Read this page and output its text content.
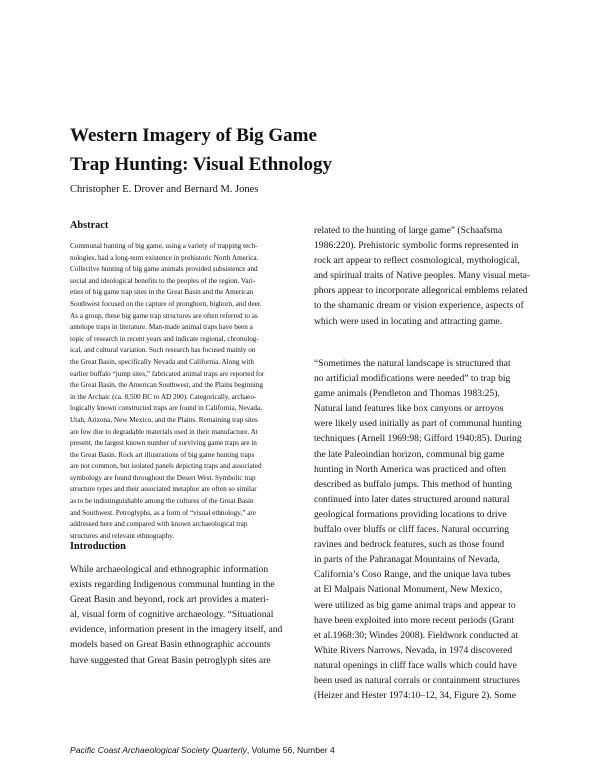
Western Imagery of Big Game
Trap Hunting: Visual Ethnology
Christopher E. Drover and Bernard M. Jones
Abstract
Communal hunting of big game, using a variety of trapping tech-
nologies, had a long-term existence in prehistoric North America.
Collective hunting of big game animals provided subsistence and
social and ideological benefits to the peoples of the region. Vari-
eties of big game trap sites in the Great Basin and the American
Southwest focused on the capture of pronghorn, bighorn, and deer.
As a group, these big game trap structures are often referred to as
antelope traps in literature. Man-made animal traps have been a
topic of research in recent years and indicate regional, chronolog-
ical, and cultural variation. Such research has focused mainly on
the Great Basin, specifically Nevada and California. Along with
earlier buffalo “jump sites,” fabricated animal traps are reported for
the Great Basin, the American Southwest, and the Plains beginning
in the Archaic (ca. 8,500 BC to AD 200). Categorically, archaeo-
logically known constructed traps are found in California, Nevada,
Utah, Arizona, New Mexico, and the Plains. Remaining trap sites
are few due to degradable materials used in their manufacture. At
present, the largest known number of surviving game traps are in
the Great Basin. Rock art illustrations of big game hunting traps
are not common, but isolated panels depicting traps and associated
symbology are found throughout the Desert West. Symbolic trap
structure types and their associated metaphor are often so similar
as to be indistinguishable among the cultures of the Great Basin
and Southwest. Petroglyphs, as a form of “visual ethnology,” are
addressed here and compared with known archaeological trap
structures and relevant ethnography.
Introduction
While archaeological and ethnographic information
exists regarding Indigenous communal hunting in the
Great Basin and beyond, rock art provides a materi-
al, visual form of cognitive archaeology. “Situational
evidence, information present in the imagery itself, and
models based on Great Basin ethnographic accounts
have suggested that Great Basin petroglyph sites are
related to the hunting of large game” (Schaafsma
1986:220). Prehistoric symbolic forms represented in
rock art appear to reflect cosmological, mythological,
and spiritual traits of Native peoples. Many visual meta-
phors appear to incorporate allegorical emblems related
to the shamanic dream or vision experience, aspects of
which were used in locating and attracting game.
“Sometimes the natural landscape is structured that
no artificial modifications were needed” to trap big
game animals (Pendleton and Thomas 1983:25).
Natural land features like box canyons or arroyos
were likely used initially as part of communal hunting
techniques (Arnell 1969:98; Gifford 1940:85). During
the late Paleoindian horizon, communal big game
hunting in North America was practiced and often
described as buffalo jumps. This method of hunting
continued into later dates structured around natural
geological formations providing locations to drive
buffalo over bluffs or cliff faces. Natural occurring
ravines and bedrock features, such as those found
in parts of the Pahranagat Mountains of Nevada,
California’s Coso Range, and the unique lava tubes
at El Malpais National Monument, New Mexico,
were utilized as big game animal traps and appear to
have been exploited into more recent periods (Grant
et al.1968:30; Windes 2008). Fieldwork conducted at
White Rivers Narrows, Nevada, in 1974 discovered
natural openings in cliff face walls which could have
been used as natural corrals or containment structures
(Heizer and Hester 1974:10–12, 34, Figure 2). Some
Pacific Coast Archaeological Society Quarterly, Volume 56, Number 4
